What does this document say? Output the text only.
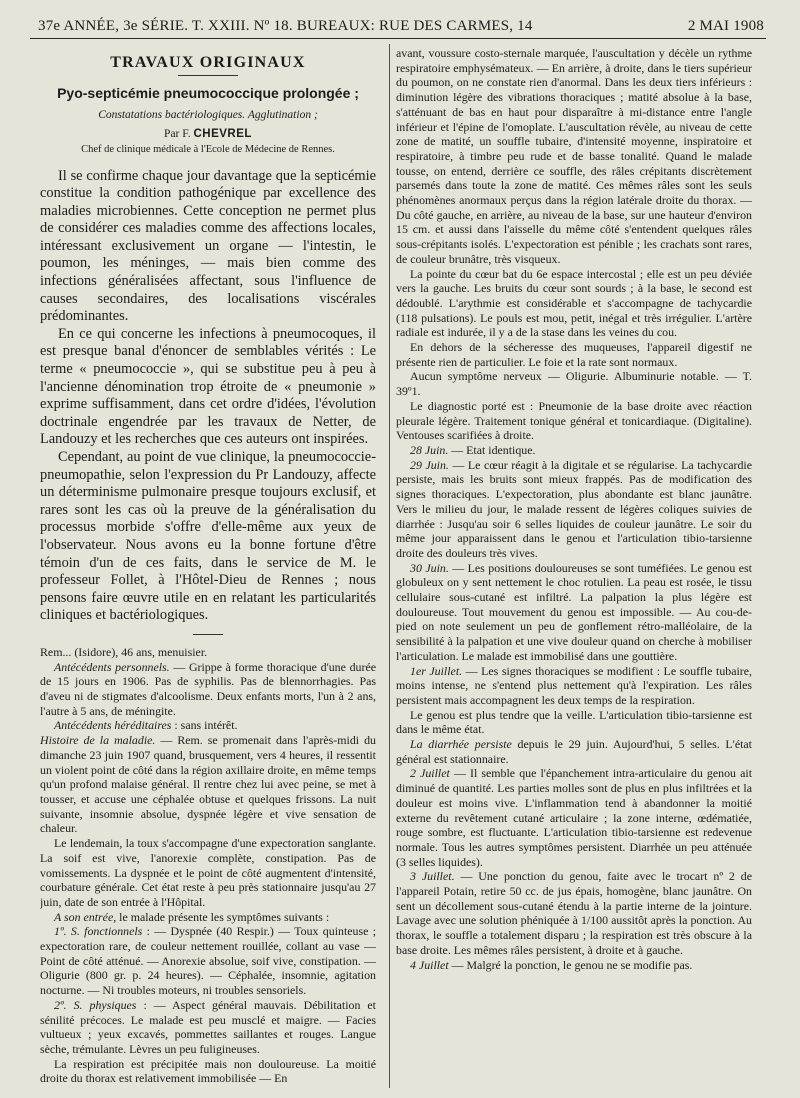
37e ANNÉE, 3e SÉRIE. T. XXIII. Nº 18. BUREAUX: RUE DES CARMES, 14	2 MAI 1908
TRAVAUX ORIGINAUX
Pyo-septicémie pneumococcique prolongée ;
Constatations bactériologiques. Agglutination ;
Par F. CHEVREL
Chef de clinique médicale à l'Ecole de Médecine de Rennes.

Il se confirme chaque jour davantage que la septicémie constitue la condition pathogénique par excellence des maladies microbiennes. Cette conception ne permet plus de considérer ces maladies comme des affections locales, intéressant exclusivement un organe — l'intestin, le poumon, les méninges, — mais bien comme des infections généralisées affectant, sous l'influence de causes secondaires, des localisations viscérales prédominantes.

En ce qui concerne les infections à pneumocoques, il est presque banal d'énoncer de semblables vérités : Le terme « pneumococcie », qui se substitue peu à peu à l'ancienne dénomination trop étroite de « pneumonie » exprime suffisamment, dans cet ordre d'idées, l'évolution doctrinale engendrée par les travaux de Netter, de Landouzy et les recherches que ces auteurs ont inspirées.

Cependant, au point de vue clinique, la pneumococcie-pneumopathie, selon l'expression du Pr Landouzy, affecte un déterminisme pulmonaire presque toujours exclusif, et rares sont les cas où la preuve de la généralisation du processus morbide s'offre d'elle-même aux yeux de l'observateur. Nous avons eu la bonne fortune d'être témoin d'un de ces faits, dans le service de M. le professeur Follet, à l'Hôtel-Dieu de Rennes ; nous pensons faire œuvre utile en en relatant les particularités cliniques et bactériologiques.

Rem... (Isidore), 46 ans, menuisier.

Antécédents personnels. — Grippe à forme thoracique d'une durée de 15 jours en 1906. Pas de syphilis. Pas de blennorrhagies. Pas d'aveu ni de stigmates d'alcoolisme. Deux enfants morts, l'un à 2 ans, l'autre à 5 ans, de méningite.

Antécédents héréditaires : sans intérêt.

Histoire de la maladie. — Rem. se promenait dans l'après-midi du dimanche 23 juin 1907 quand, brusquement, vers 4 heures, il ressentit un violent point de côté dans la région axillaire droite, en même temps qu'un profond malaise général. Il rentre chez lui avec peine, se met à tousser, et accuse une céphalée obtuse et quelques frissons. La nuit suivante, insomnie absolue, dyspnée légère et vive sensation de chaleur.

Le lendemain, la toux s'accompagne d'une expectoration sanglante. La soif est vive, l'anorexie complète, constipation. Pas de vomissements. La dyspnée et le point de côté augmentent d'intensité, courbature générale. Cet état reste à peu près stationnaire jusqu'au 27 juin, date de son entrée à l'Hôpital.

A son entrée, le malade présente les symptômes suivants :

1º. S. fonctionnels : — Dyspnée (40 Respir.) — Toux quinteuse ; expectoration rare, de couleur nettement rouillée, collant au vase — Point de côté atténué. — Anorexie absolue, soif vive, constipation. — Oligurie (800 gr. p. 24 heures). — Céphalée, insomnie, agitation nocturne. — Ni troubles moteurs, ni troubles sensoriels.

2º. S. physiques : — Aspect général mauvais. Débilitation et sénilité précoces. Le malade est peu musclé et maigre. — Facies vultueux ; yeux excavés, pommettes saillantes et rouges. Langue sèche, trémulante. Lèvres un peu fuligineuses.

La respiration est précipitée mais non douloureuse. La moitié droite du thorax est relativement immobilisée — En

avant, voussure costo-sternale marquée, l'auscultation y décèle un rythme respiratoire emphysémateux. — En arrière, à droite, dans le tiers supérieur du poumon, on ne constate rien d'anormal. Dans les deux tiers inférieurs : diminution légère des vibrations thoraciques ; matité absolue à la base, s'atténuant de bas en haut pour disparaître à mi-distance entre l'angle inférieur et l'épine de l'omoplate. L'auscultation révèle, au niveau de cette zone de matité, un souffle tubaire, d'intensité moyenne, inspiratoire et respiratoire, à timbre peu rude et de basse tonalité. Quand le malade tousse, on entend, derrière ce souffle, des râles crépitants discrètement parsemés dans toute la zone de matité. Ces mêmes râles sont les seuls phénomènes anormaux perçus dans la région latérale droite du thorax. — Du côté gauche, en arrière, au niveau de la base, sur une hauteur d'environ 15 cm. et aussi dans l'aisselle du même côté s'entendent quelques râles sous-crépitants isolés. L'expectoration est pénible ; les crachats sont rares, de couleur brunâtre, très visqueux.

La pointe du cœur bat du 6e espace intercostal ; elle est un peu déviée vers la gauche. Les bruits du cœur sont sourds ; à la base, le second est dédoublé. L'arythmie est considérable et s'accompagne de tachycardie (118 pulsations). Le pouls est mou, petit, inégal et très irrégulier. L'artère radiale est indurée, il y a de la stase dans les veines du cou.

En dehors de la sécheresse des muqueuses, l'appareil digestif ne présente rien de particulier. Le foie et la rate sont normaux.

Aucun symptôme nerveux — Oligurie. Albuminurie notable. — T. 39º1.

Le diagnostic porté est : Pneumonie de la base droite avec réaction pleurale légère. Traitement tonique général et tonicardiaque. (Digitaline). Ventouses scarifiées à droite.

28 Juin. — Etat identique.

29 Juin. — Le cœur réagit à la digitale et se régularise. La tachycardie persiste, mais les bruits sont mieux frappés. Pas de modification des signes thoraciques. L'expectoration, plus abondante est blanc jaunâtre. Vers le milieu du jour, le malade ressent de légères coliques suivies de diarrhée : Jusqu'au soir 6 selles liquides de couleur jaunâtre. Le soir du même jour apparaissent dans le genou et l'articulation tibio-tarsienne droite des douleurs très vives.

30 Juin. — Les positions douloureuses se sont tuméfiées. Le genou est globuleux on y sent nettement le choc rotulien. La peau est rosée, le tissu cellulaire sous-cutané est infiltré. La palpation la plus légère est douloureuse. Tout mouvement du genou est impossible. — Au cou-de-pied on note seulement un peu de gonflement rétro-malléolaire, de la sensibilité à la palpation et une vive douleur quand on cherche à mobiliser l'articulation. Le malade est immobilisé dans une gouttière.

1er Juillet. — Les signes thoraciques se modifient : Le souffle tubaire, moins intense, ne s'entend plus nettement qu'à l'expiration. Les râles persistent mais accompagnent les deux temps de la respiration.

Le genou est plus tendre que la veille. L'articulation tibio-tarsienne est dans le même état.

La diarrhée persiste depuis le 29 juin. Aujourd'hui, 5 selles. L'état général est stationnaire.

2 Juillet — Il semble que l'épanchement intra-articulaire du genou ait diminué de quantité. Les parties molles sont de plus en plus infiltrées et la douleur est moins vive. L'inflammation tend à abandonner la moitié externe du revêtement cutané articulaire ; la zone interne, œdématiée, rouge sombre, est fluctuante. L'articulation tibio-tarsienne est redevenue normale. Tous les autres symptômes persistent. Diarrhée un peu atténuée (3 selles liquides).

3 Juillet. — Une ponction du genou, faite avec le trocart nº 2 de l'appareil Potain, retire 50 cc. de jus épais, homogène, blanc jaunâtre. On sent un décollement sous-cutané étendu à la partie interne de la jointure. Lavage avec une solution phéniquée à 1/100 aussitôt après la ponction. Au thorax, le souffle a totalement disparu ; la respiration est très obscure à la base droite. Les mêmes râles persistent, à droite et à gauche.

4 Juillet — Malgré la ponction, le genou ne se modifie pas.
